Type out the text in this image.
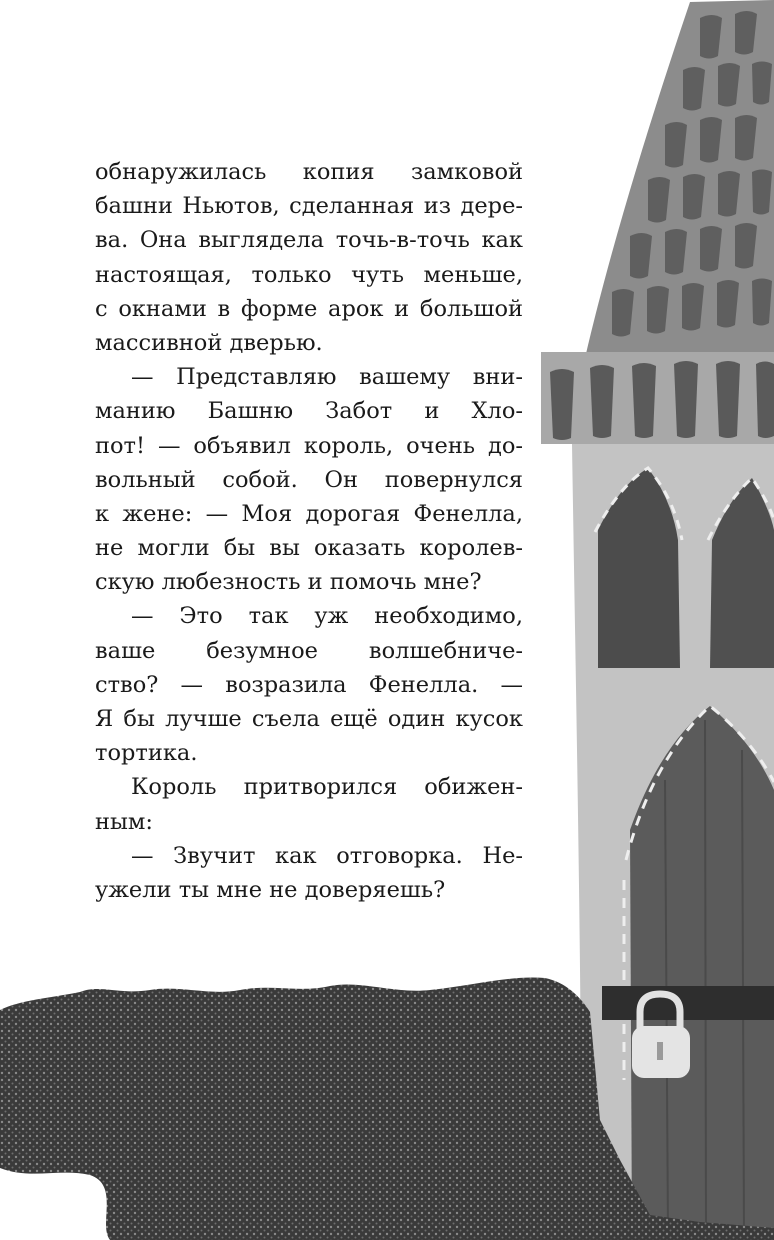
обнаружилась копия замковой
башни Ньютов, сделанная из дере-
ва. Она выглядела точь-в-точь как
настоящая, только чуть меньше,
с окнами в форме арок и большой
массивной дверью.
— Представляю вашему вни-
манию Башню Забот и Хло-
пот! — объявил король, очень до-
вольный собой. Он повернулся
к жене: — Моя дорогая Фенелла,
не могли бы вы оказать королев-
скую любезность и помочь мне?
— Это так уж необходимо,
ваше безумное волшебниче-
ство? — возразила Фенелла. —
Я бы лучше съела ещё один кусок
тортика.
Король притворился обижен-
ным:
— Звучит как отговорка. Не-
ужели ты мне не доверяешь?
